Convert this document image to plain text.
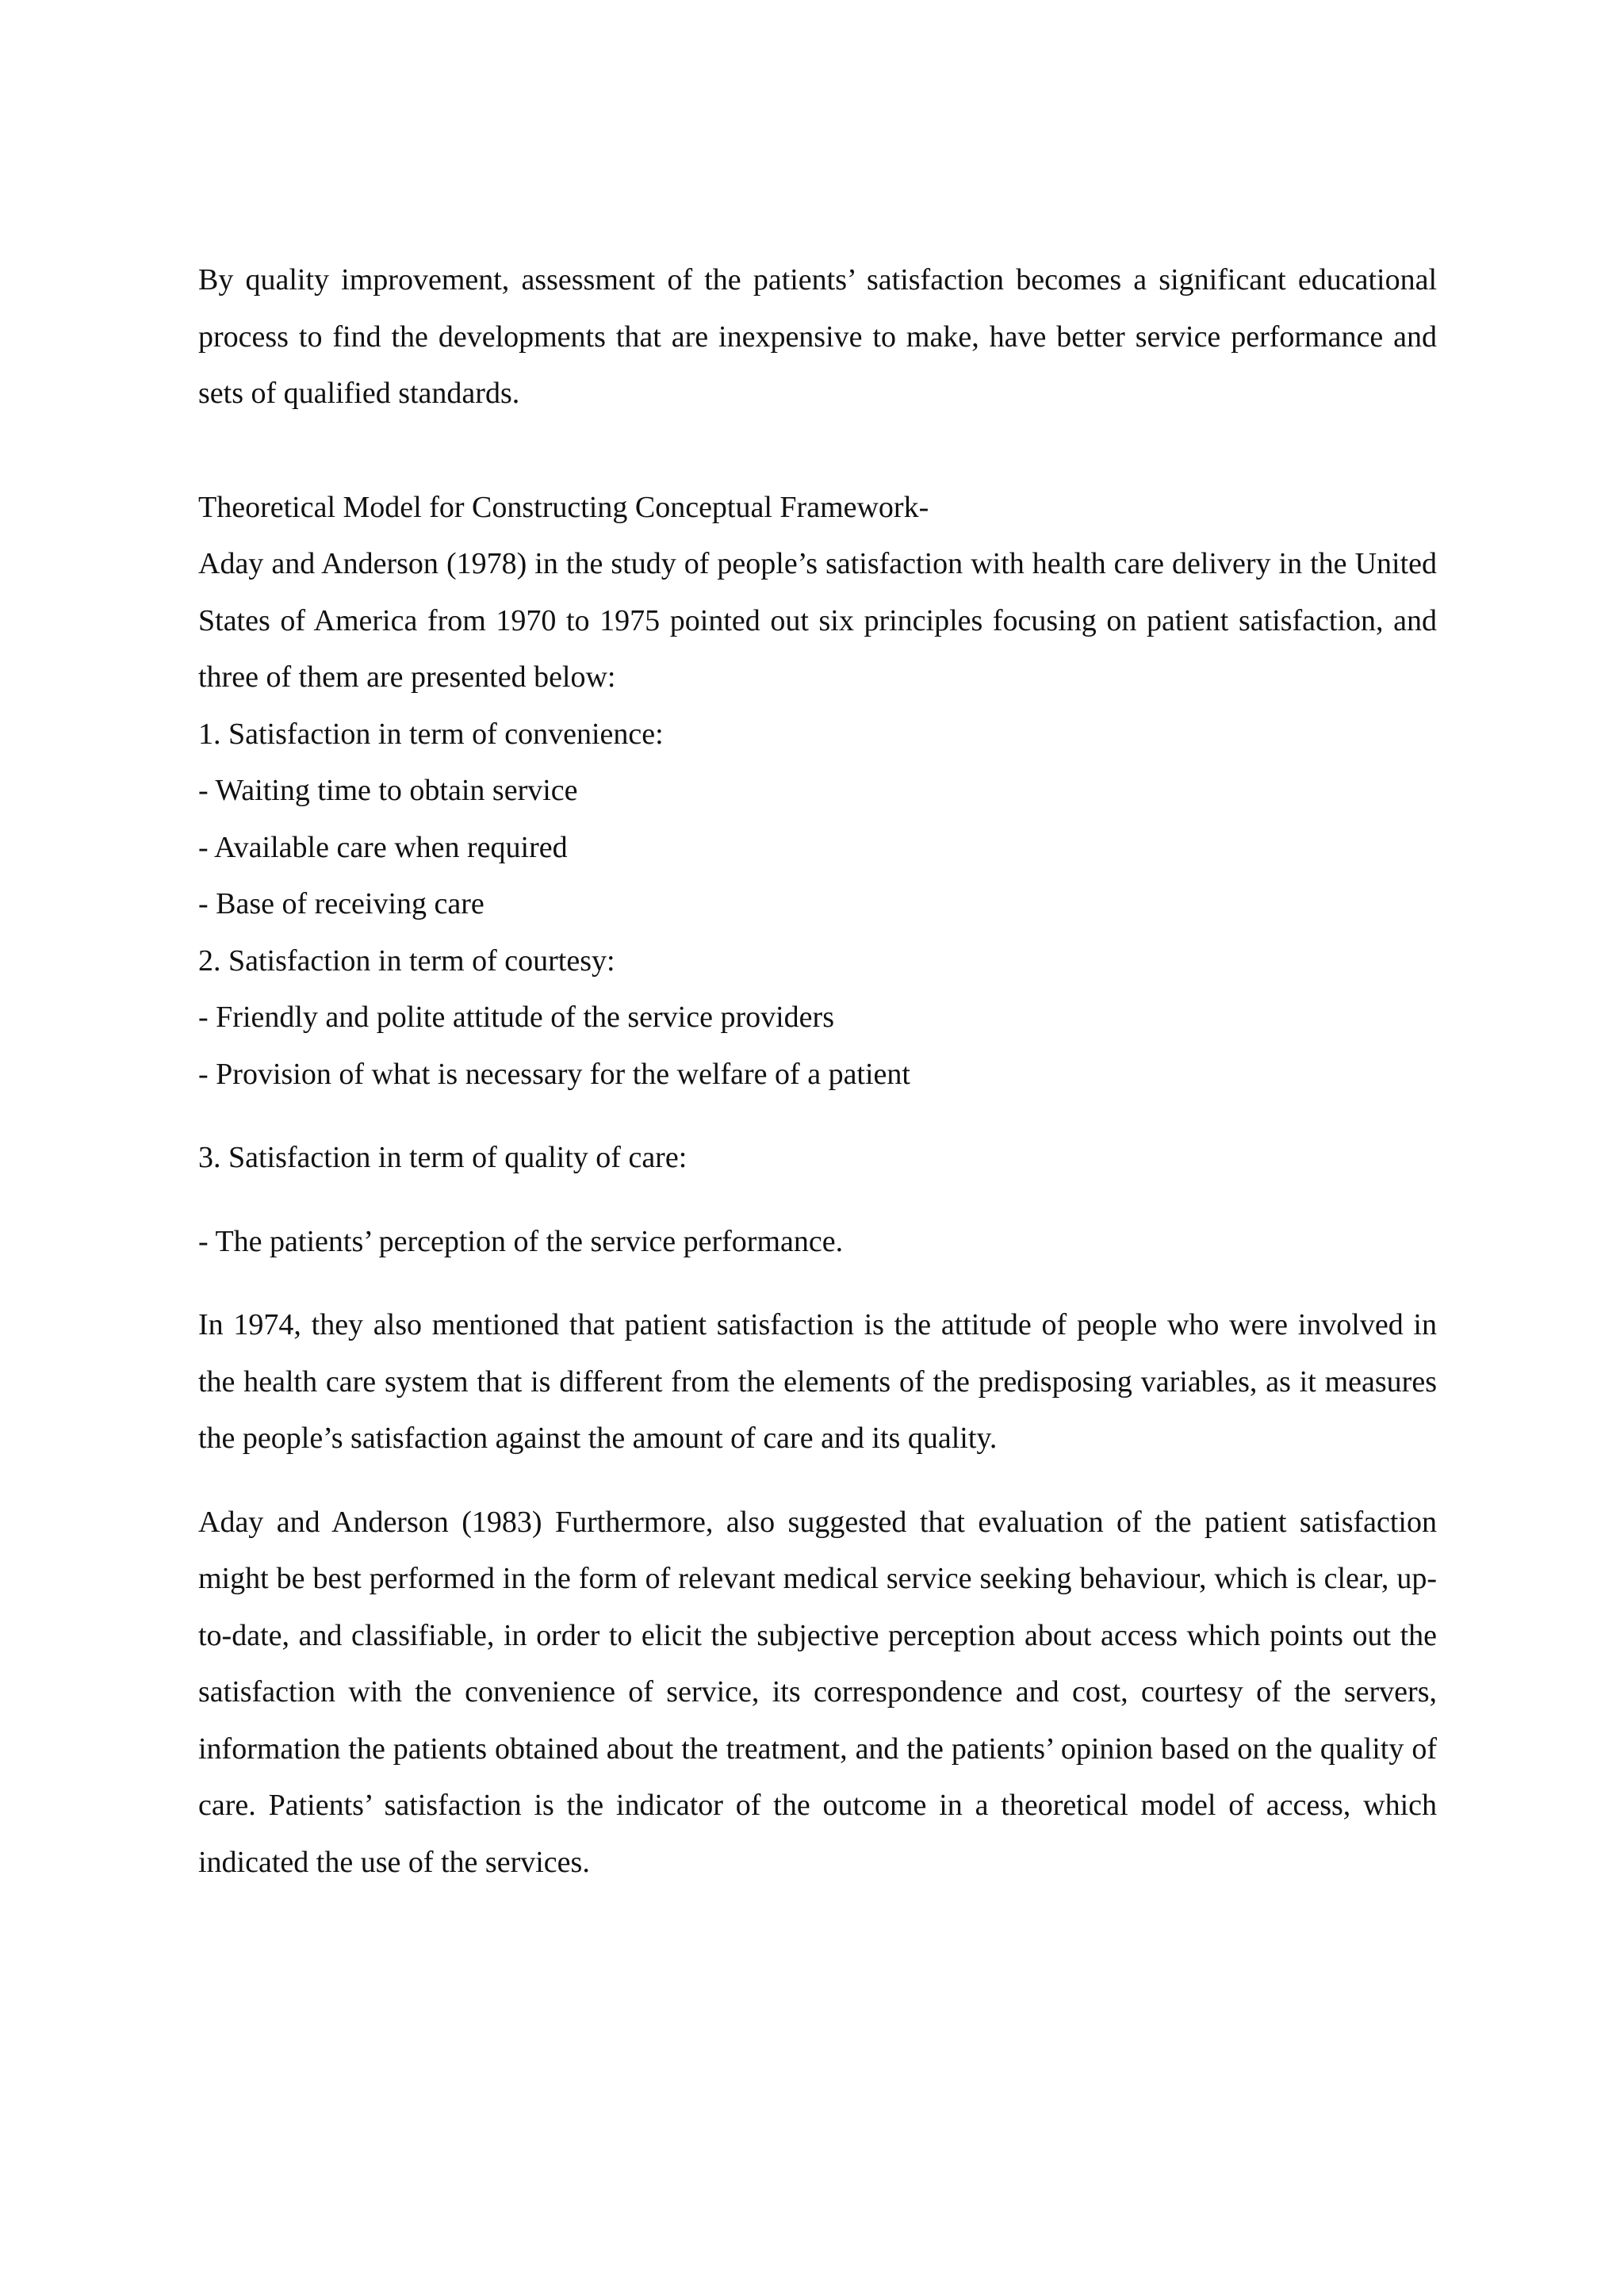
By quality improvement, assessment of the patients’ satisfaction becomes a significant educational process to find the developments that are inexpensive to make, have better service performance and sets of qualified standards.

Theoretical Model for Constructing Conceptual Framework-

Aday and Anderson (1978) in the study of people’s satisfaction with health care delivery in the United States of America from 1970 to 1975 pointed out six principles focusing on patient satisfaction, and three of them are presented below:

1. Satisfaction in term of convenience:

- Waiting time to obtain service

- Available care when required

- Base of receiving care

2. Satisfaction in term of courtesy:

- Friendly and polite attitude of the service providers

- Provision of what is necessary for the welfare of a patient

3. Satisfaction in term of quality of care:

- The patients’ perception of the service performance.

In 1974, they also mentioned that patient satisfaction is the attitude of people who were involved in the health care system that is different from the elements of the predisposing variables, as it measures the people’s satisfaction against the amount of care and its quality.

Aday and Anderson (1983) Furthermore, also suggested that evaluation of the patient satisfaction might be best performed in the form of relevant medical service seeking behaviour, which is clear, up-to-date, and classifiable, in order to elicit the subjective perception about access which points out the satisfaction with the convenience of service, its correspondence and cost, courtesy of the servers, information the patients obtained about the treatment, and the patients’ opinion based on the quality of care. Patients’ satisfaction is the indicator of the outcome in a theoretical model of access, which indicated the use of the services.
